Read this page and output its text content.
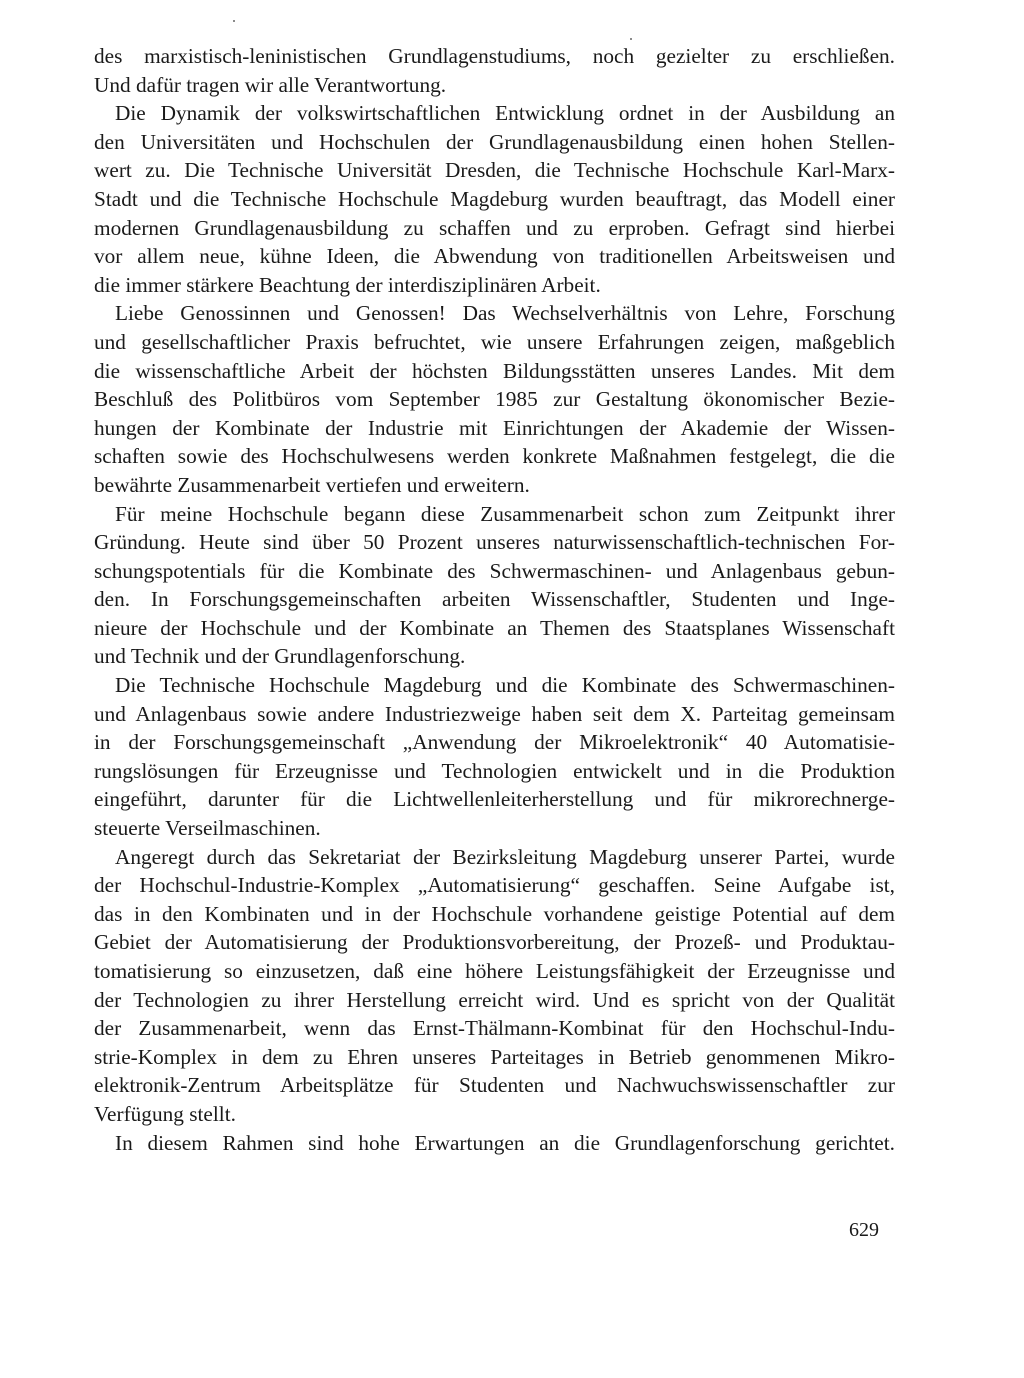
des marxistisch-leninistischen Grundlagenstudiums, noch gezielter zu erschließen.
Und dafür tragen wir alle Verantwortung.
Die Dynamik der volkswirtschaftlichen Entwicklung ordnet in der Ausbildung an
den Universitäten und Hochschulen der Grundlagenausbildung einen hohen Stellen-
wert zu. Die Technische Universität Dresden, die Technische Hochschule Karl-Marx-
Stadt und die Technische Hochschule Magdeburg wurden beauftragt, das Modell einer
modernen Grundlagenausbildung zu schaffen und zu erproben. Gefragt sind hierbei
vor allem neue, kühne Ideen, die Abwendung von traditionellen Arbeitsweisen und
die immer stärkere Beachtung der interdisziplinären Arbeit.
Liebe Genossinnen und Genossen! Das Wechselverhältnis von Lehre, Forschung
und gesellschaftlicher Praxis befruchtet, wie unsere Erfahrungen zeigen, maßgeblich
die wissenschaftliche Arbeit der höchsten Bildungsstätten unseres Landes. Mit dem
Beschluß des Politbüros vom September 1985 zur Gestaltung ökonomischer Bezie-
hungen der Kombinate der Industrie mit Einrichtungen der Akademie der Wissen-
schaften sowie des Hochschulwesens werden konkrete Maßnahmen festgelegt, die die
bewährte Zusammenarbeit vertiefen und erweitern.
Für meine Hochschule begann diese Zusammenarbeit schon zum Zeitpunkt ihrer
Gründung. Heute sind über 50 Prozent unseres naturwissenschaftlich-technischen For-
schungspotentials für die Kombinate des Schwermaschinen- und Anlagenbaus gebun-
den. In Forschungsgemeinschaften arbeiten Wissenschaftler, Studenten und Inge-
nieure der Hochschule und der Kombinate an Themen des Staatsplanes Wissenschaft
und Technik und der Grundlagenforschung.
Die Technische Hochschule Magdeburg und die Kombinate des Schwermaschinen-
und Anlagenbaus sowie andere Industriezweige haben seit dem X. Parteitag gemeinsam
in der Forschungsgemeinschaft „Anwendung der Mikroelektronik“ 40 Automatisie-
rungslösungen für Erzeugnisse und Technologien entwickelt und in die Produktion
eingeführt, darunter für die Lichtwellenleiterherstellung und für mikrorechnerge-
steuerte Verseilmaschinen.
Angeregt durch das Sekretariat der Bezirksleitung Magdeburg unserer Partei, wurde
der Hochschul-Industrie-Komplex „Automatisierung“ geschaffen. Seine Aufgabe ist,
das in den Kombinaten und in der Hochschule vorhandene geistige Potential auf dem
Gebiet der Automatisierung der Produktionsvorbereitung, der Prozeß- und Produktau-
tomatisierung so einzusetzen, daß eine höhere Leistungsfähigkeit der Erzeugnisse und
der Technologien zu ihrer Herstellung erreicht wird. Und es spricht von der Qualität
der Zusammenarbeit, wenn das Ernst-Thälmann-Kombinat für den Hochschul-Indu-
strie-Komplex in dem zu Ehren unseres Parteitages in Betrieb genommenen Mikro-
elektronik-Zentrum Arbeitsplätze für Studenten und Nachwuchswissenschaftler zur
Verfügung stellt.
In diesem Rahmen sind hohe Erwartungen an die Grundlagenforschung gerichtet.
629
